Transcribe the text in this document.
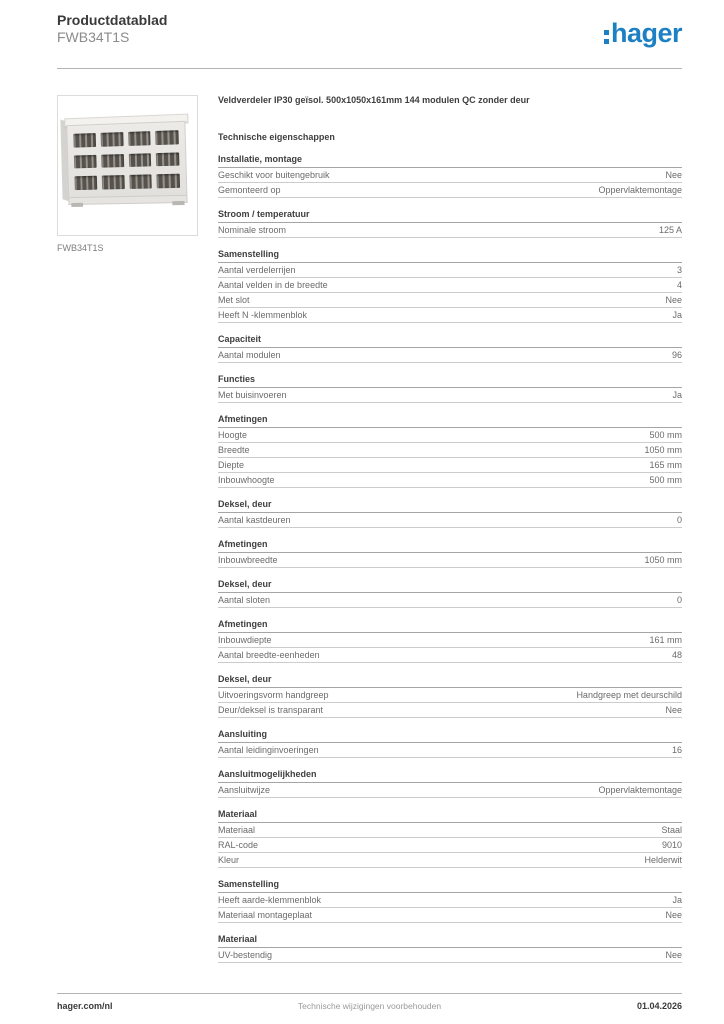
Productdatablad
FWB34T1S	hager
FWB34T1S
Veldverdeler IP30 geïsol. 500x1050x161mm 144 modulen QC zonder deur
Technische eigenschappen
Installatie, montage
Geschikt voor buitengebruik	Nee
Gemonteerd op	Oppervlaktemontage
Stroom / temperatuur
Nominale stroom	125 A
Samenstelling
Aantal verdelerrijen	3
Aantal velden in de breedte	4
Met slot	Nee
Heeft N -klemmenblok	Ja
Capaciteit
Aantal modulen	96
Functies
Met buisinvoeren	Ja
Afmetingen
Hoogte	500 mm
Breedte	1050 mm
Diepte	165 mm
Inbouwhoogte	500 mm
Deksel, deur
Aantal kastdeuren	0
Afmetingen
Inbouwbreedte	1050 mm
Deksel, deur
Aantal sloten	0
Afmetingen
Inbouwdiepte	161 mm
Aantal breedte-eenheden	48
Deksel, deur
Uitvoeringsvorm handgreep	Handgreep met deurschild
Deur/deksel is transparant	Nee
Aansluiting
Aantal leidinginvoeringen	16
Aansluitmogelijkheden
Aansluitwijze	Oppervlaktemontage
Materiaal
Materiaal	Staal
RAL-code	9010
Kleur	Helderwit
Samenstelling
Heeft aarde-klemmenblok	Ja
Materiaal montageplaat	Nee
Materiaal
UV-bestendig	Nee
hager.com/nl	Technische wijzigingen voorbehouden	01.04.2026
